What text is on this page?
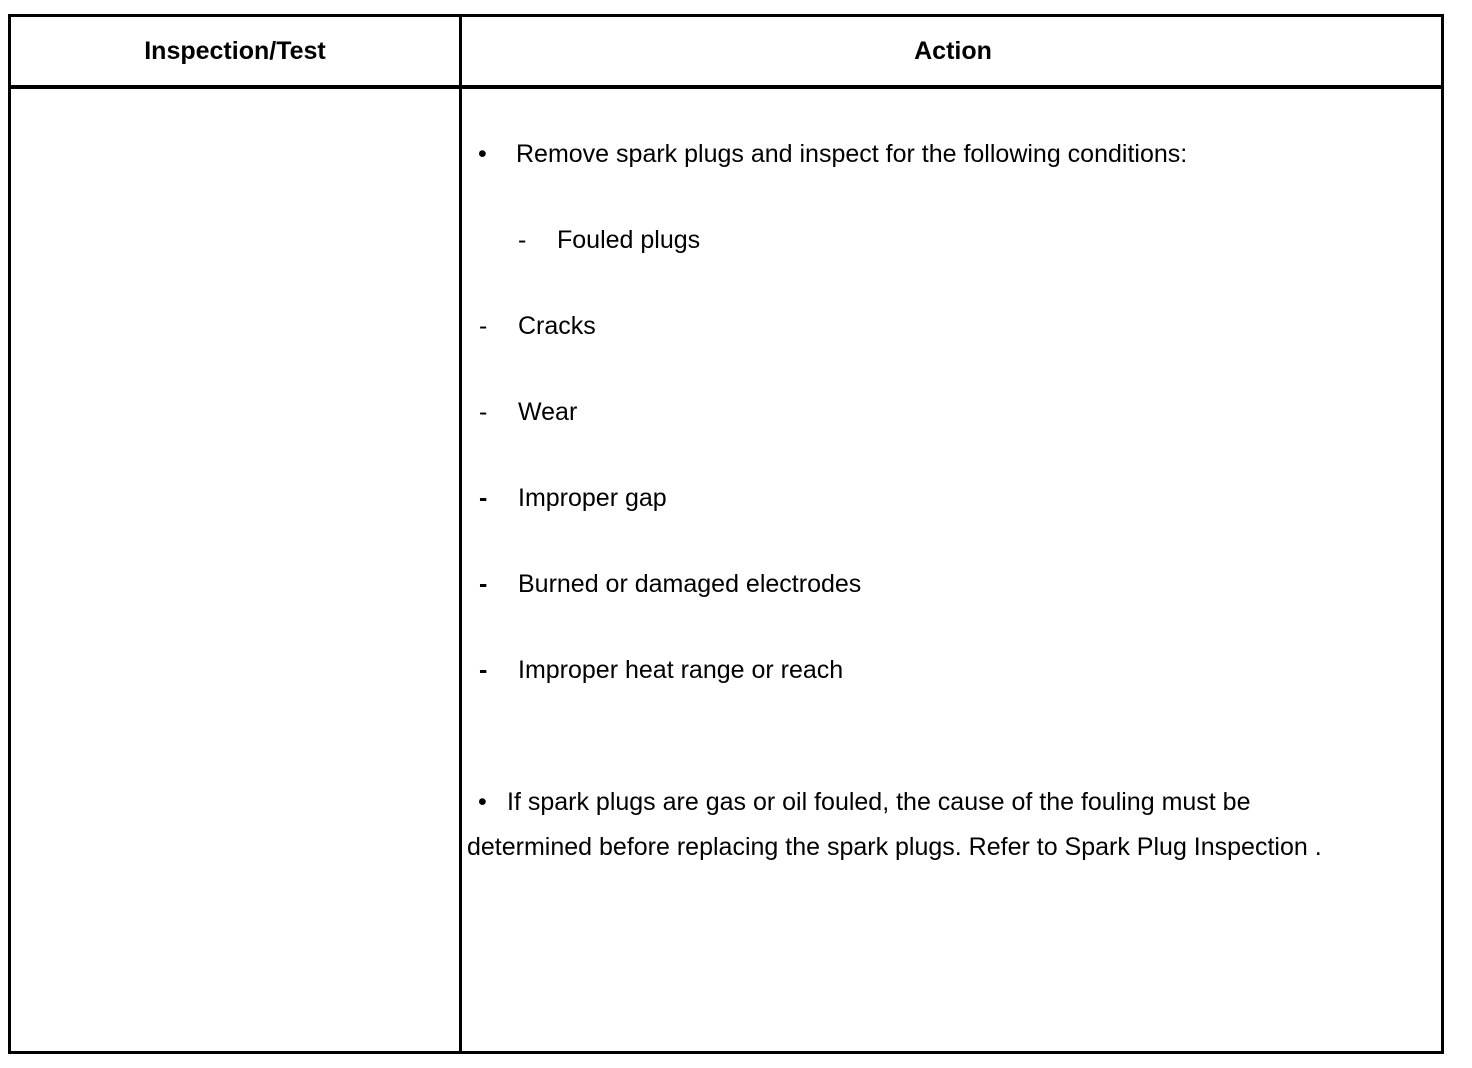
Inspection/Test	Action
• Remove spark plugs and inspect for the following conditions:
- Fouled plugs
- Cracks
- Wear
- Improper gap
- Burned or damaged electrodes
- Improper heat range or reach
• If spark plugs are gas or oil fouled, the cause of the fouling must be determined before replacing the spark plugs. Refer to Spark Plug Inspection .
